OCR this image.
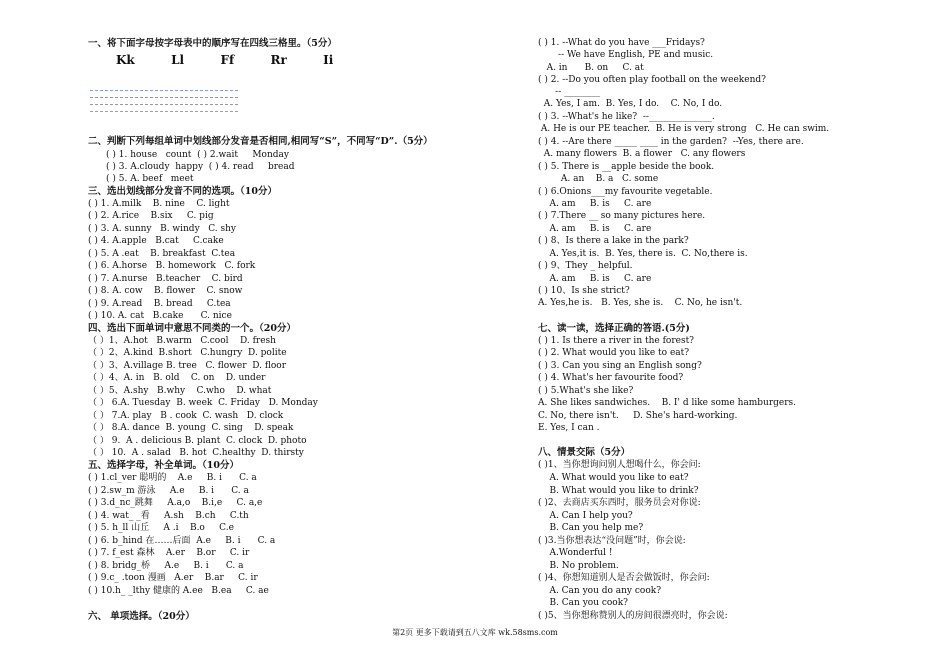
一、将下面字母按字母表中的顺序写在四线三格里。（5分）
Kk  Ll  Ff  Rr  Ii
二、判断下列每组单词中划线部分发音是否相同,相同写“S”，不同写“D”.（5分）
( ) 1. house   count  ( ) 2.wait     Monday
( ) 3. A.cloudy  happy  ( ) 4. read     bread
( ) 5. A. beef   meet
三、选出划线部分发音不同的选项。（10分）
( ) 1. A.milk    B. nine    C. light
( ) 2. A.rice    B.six     C. pig
( ) 3. A. sunny   B. windy   C. shy
( ) 4. A.apple   B.cat     C.cake
( ) 5. A .eat    B. breakfast  C.tea
( ) 6. A.horse   B. homework   C. fork
( ) 7. A.nurse   B.teacher    C. bird
( ) 8. A. cow    B. flower    C. snow
( ) 9. A.read    B. bread     C.tea
( ) 10. A. cat   B.cake      C. nice
四、选出下面单词中意思不同类的一个。（20分）
（ ）1、A.hot   B.warm   C.cool    D. fresh
（ ）2、A.kind  B.short   C.hungry  D. polite
（ ）3、A.village B. tree   C. flower  D. floor
（ ）4、A. in   B. old    C. on    D. under
（ ）5、A.shy   B.why    C.who    D. what
（ ） 6.A. Tuesday  B. week  C. Friday   D. Monday
（ ） 7.A. play   B . cook  C. wash   D. clock
（ ） 8.A. dance  B. young  C. sing    D. speak
（ ） 9.  A . delicious B. plant  C. clock  D. photo
（ ） 10.  A . salad   B. hot  C.healthy  D. thirsty
五、选择字母，补全单词。（10分）
( ) 1.cl_ver 聪明的    A.e     B. i      C. a
( ) 2.sw_m 游泳     A.e     B. i      C. a
( ) 3.d_nc_跳舞     A.a,o    B.i,e     C. a,e
( ) 4. wat_ _看     A.sh    B.ch     C.th
( ) 5. h_ll 山丘     A .i    B.o     C.e
( ) 6. b_hind 在……后面  A.e     B. i      C. a
( ) 7. f_est 森林    A.er    B.or     C. ir
( ) 8. bridg_桥     A.e     B. i      C. a
( ) 9.c_ .toon 漫画   A.er    B.ar     C. ir
( ) 10.h_ _lthy 健康的 A.ee   B.ea     C. ae
六、 单项选择。（20分）
( ) 1. --What do you have ___Fridays?
-- We have English, PE and music.
A. in      B. on     C. at
( ) 2. --Do you often play football on the weekend?
-- ________
A. Yes, I am.  B. Yes, I do.    C. No, I do.
( ) 3. --What's he like?  --______________.
A. He is our PE teacher.  B. He is very strong   C. He can swim.
( ) 4. --Are there _____ ____ in the garden?  --Yes, there are.
A. many flowers  B. a flower   C. any flowers
( ) 5. There is __apple beside the book.
A. an    B. a   C. some
( ) 6.Onions___my favourite vegetable.
A. am     B. is     C. are
( ) 7.There __ so many pictures here.
A. am     B. is     C. are
( ) 8、Is there a lake in the park?
A. Yes,it is.  B. Yes, there is.  C. No,there is.
( ) 9、They _ helpful.
A. am     B. is     C. are
( ) 10、Is she strict?
A. Yes,he is.   B. Yes, she is.    C. No, he isn't.
七、读一读，选择正确的答语.(5分)
( ) 1. Is there a river in the forest?
( ) 2. What would you like to eat?
( ) 3. Can you sing an English song?
( ) 4. What's her favourite food?
( ) 5.What's she like?
A. She likes sandwiches.    B. I' d like some hamburgers.
C. No, there isn't.     D. She's hard-working.
E. Yes, I can .
八、情景交际（5分）
( )1、当你想询问别人想喝什么，你会问:
A. What would you like to eat?
B. What would you like to drink?
( )2、去商店买东西时，服务员会对你说:
A. Can I help you?
B. Can you help me?
( )3.当你想表达“没问题”时，你会说:
A.Wonderful !
B. No problem.
( )4、你想知道别人是否会做饭时，你会问:
A. Can you do any cook?
B. Can you cook?
( )5、当你想称赞别人的房间很漂亮时，你会说:
第2页 更多下载请到五八文库 wk.58sms.com
